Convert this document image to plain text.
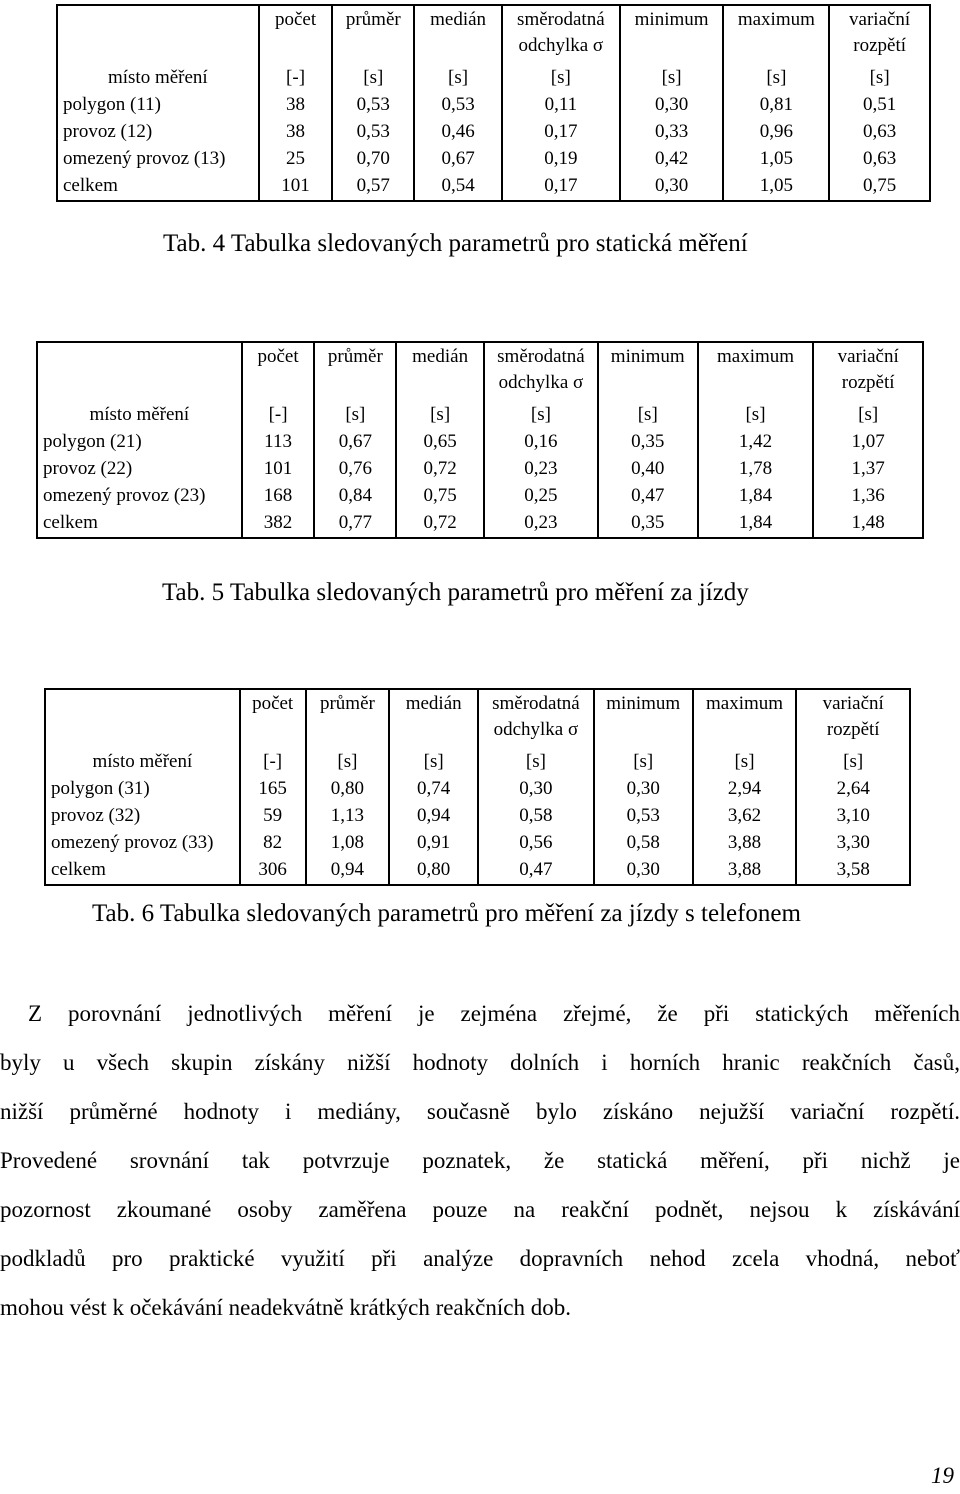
	počet	průměr	medián	směrodatná	minimum	maximum	variační
				odchylka σ			rozpětí
místo měření	[-]	[s]	[s]	[s]	[s]	[s]	[s]
polygon (11)	38	0,53	0,53	0,11	0,30	0,81	0,51
provoz (12)	38	0,53	0,46	0,17	0,33	0,96	0,63
omezený provoz (13)	25	0,70	0,67	0,19	0,42	1,05	0,63
celkem	101	0,57	0,54	0,17	0,30	1,05	0,75
Tab. 4 Tabulka sledovaných parametrů pro statická měření
	počet	průměr	medián	směrodatná	minimum	maximum	variační
				odchylka σ			rozpětí
místo měření	[-]	[s]	[s]	[s]	[s]	[s]	[s]
polygon (21)	113	0,67	0,65	0,16	0,35	1,42	1,07
provoz (22)	101	0,76	0,72	0,23	0,40	1,78	1,37
omezený provoz (23)	168	0,84	0,75	0,25	0,47	1,84	1,36
celkem	382	0,77	0,72	0,23	0,35	1,84	1,48
Tab. 5 Tabulka sledovaných parametrů pro měření za jízdy
	počet	průměr	medián	směrodatná	minimum	maximum	variační
				odchylka σ			rozpětí
místo měření	[-]	[s]	[s]	[s]	[s]	[s]	[s]
polygon (31)	165	0,80	0,74	0,30	0,30	2,94	2,64
provoz (32)	59	1,13	0,94	0,58	0,53	3,62	3,10
omezený provoz (33)	82	1,08	0,91	0,56	0,58	3,88	3,30
celkem	306	0,94	0,80	0,47	0,30	3,88	3,58
Tab. 6 Tabulka sledovaných parametrů pro měření za jízdy s telefonem
Z porovnání jednotlivých měření je zejména zřejmé, že při statických měřeních
byly u všech skupin získány nižší hodnoty dolních i horních hranic reakčních časů,
nižší průměrné hodnoty i mediány, současně bylo získáno nejužší variační rozpětí.
Provedené srovnání tak potvrzuje poznatek, že statická měření, při nichž je
pozornost zkoumané osoby zaměřena pouze na reakční podnět, nejsou k získávání
podkladů pro praktické využití při analýze dopravních nehod zcela vhodná, neboť
mohou vést k očekávání neadekvátně krátkých reakčních dob.
19
